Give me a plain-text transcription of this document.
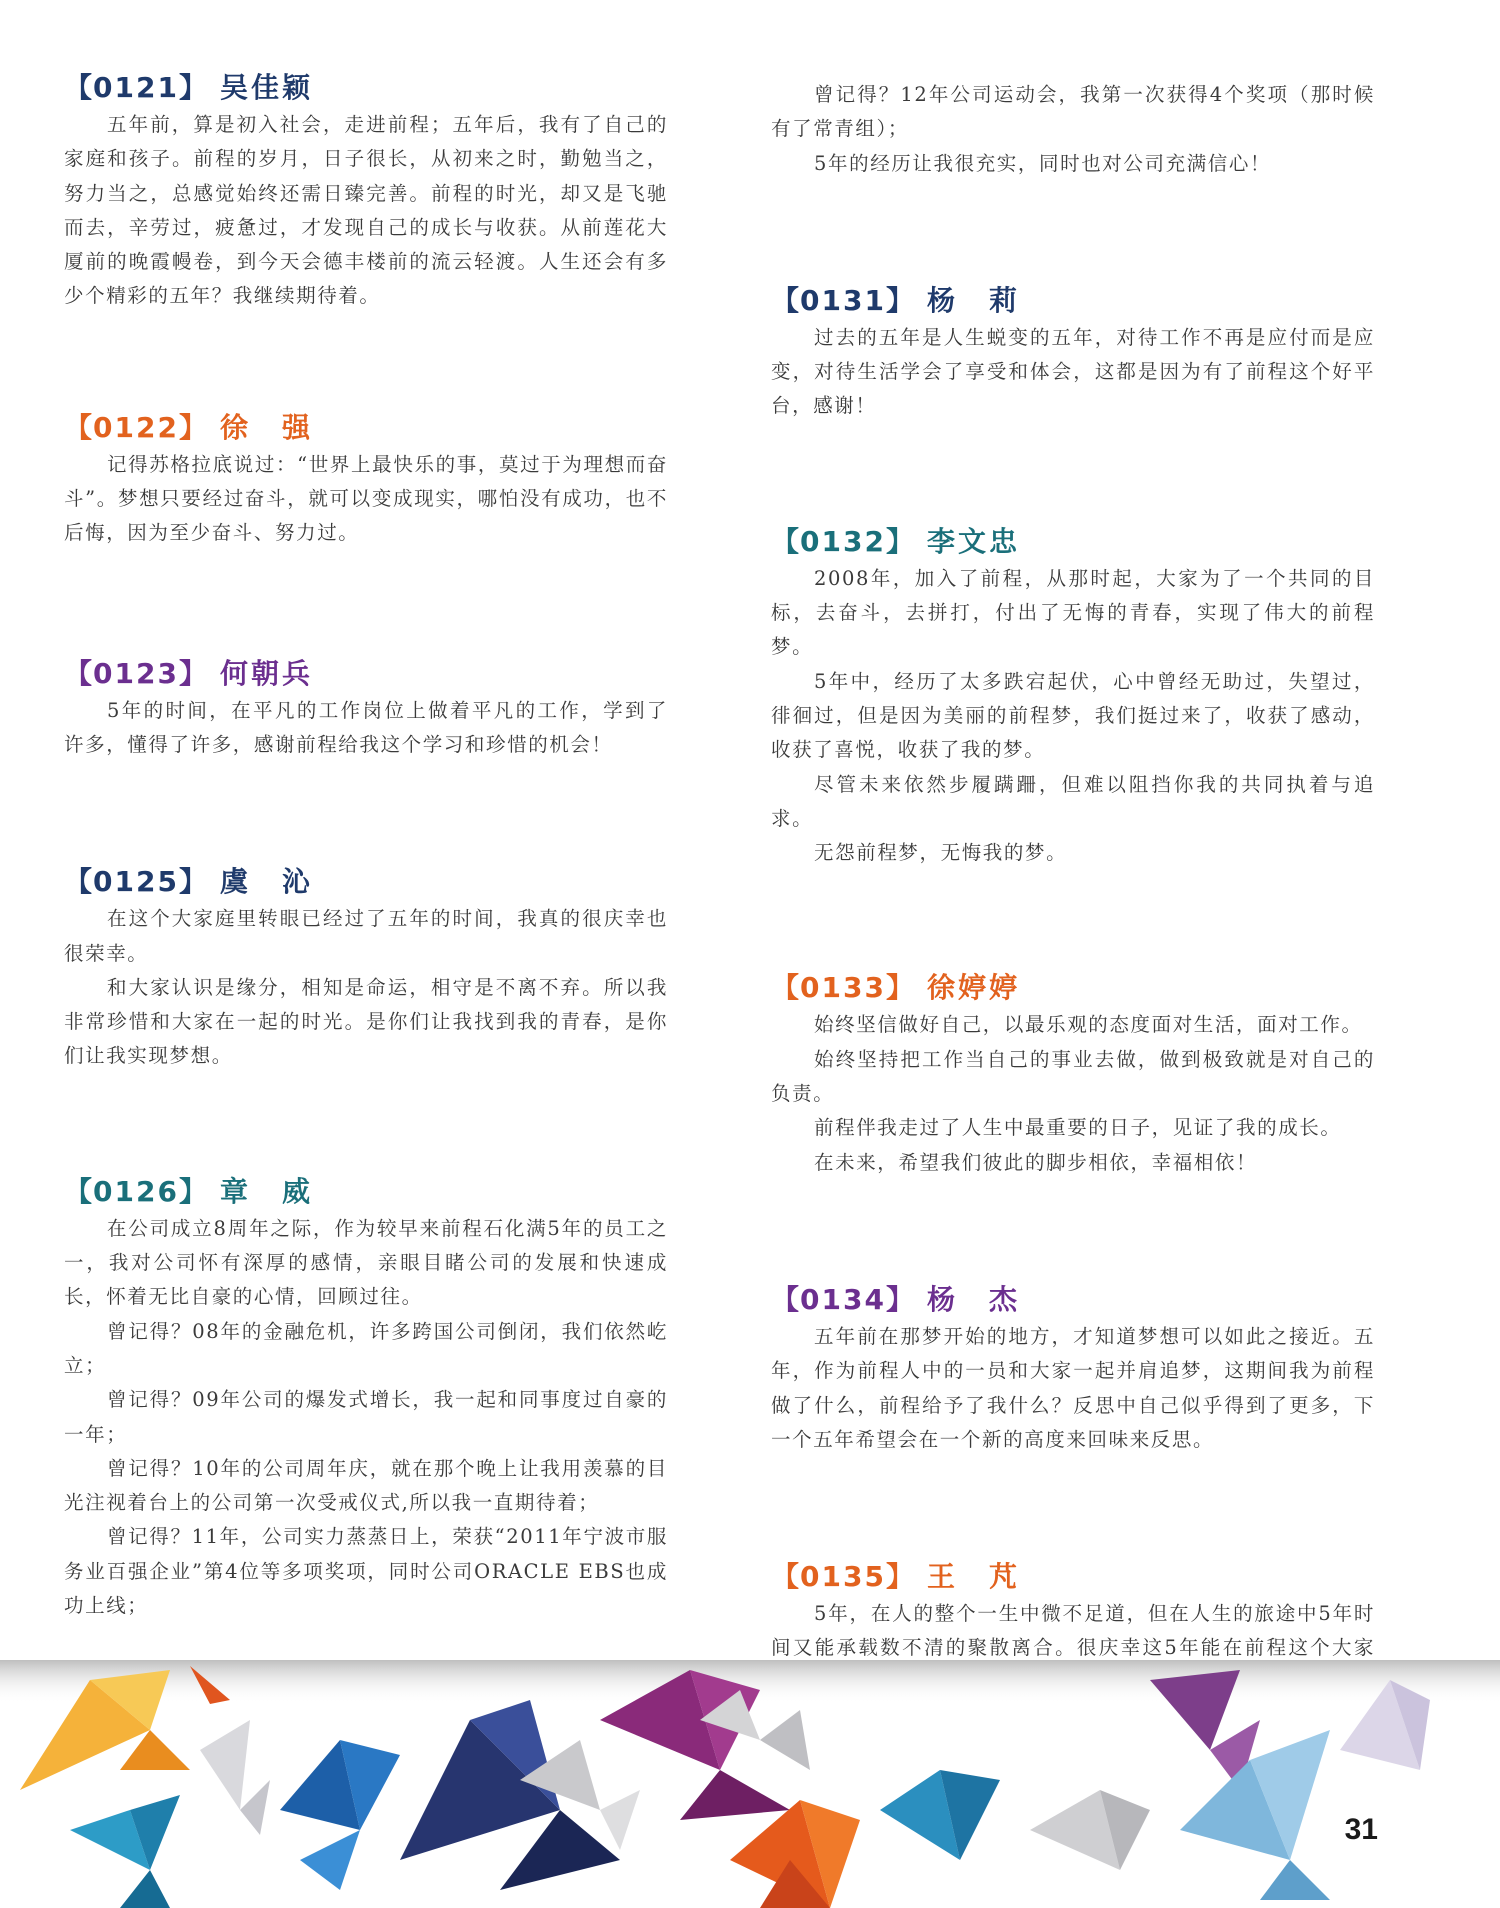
【0121】 吴佳颖

五年前，算是初入社会，走进前程；五年后，我有了自己的家庭和孩子。前程的岁月，日子很长，从初来之时，勤勉当之，努力当之，总感觉始终还需日臻完善。前程的时光，却又是飞驰而去，辛劳过，疲惫过，才发现自己的成长与收获。从前莲花大厦前的晚霞幔卷，到今天会德丰楼前的流云轻渡。人生还会有多少个精彩的五年？我继续期待着。

【0122】 徐　强

记得苏格拉底说过：“世界上最快乐的事，莫过于为理想而奋斗”。梦想只要经过奋斗，就可以变成现实，哪怕没有成功，也不后悔，因为至少奋斗、努力过。

【0123】 何朝兵

5年的时间，在平凡的工作岗位上做着平凡的工作，学到了许多，懂得了许多，感谢前程给我这个学习和珍惜的机会！

【0125】 虞　沁

在这个大家庭里转眼已经过了五年的时间，我真的很庆幸也很荣幸。

和大家认识是缘分，相知是命运，相守是不离不弃。所以我非常珍惜和大家在一起的时光。是你们让我找到我的青春，是你们让我实现梦想。

【0126】 章　威

在公司成立8周年之际，作为较早来前程石化满5年的员工之一，我对公司怀有深厚的感情，亲眼目睹公司的发展和快速成长，怀着无比自豪的心情，回顾过往。

曾记得？08年的金融危机，许多跨国公司倒闭，我们依然屹立；

曾记得？09年公司的爆发式增长，我一起和同事度过自豪的一年；

曾记得？10年的公司周年庆，就在那个晚上让我用羡慕的目光注视着台上的公司第一次受戒仪式,所以我一直期待着；

曾记得？11年，公司实力蒸蒸日上，荣获“2011年宁波市服务业百强企业”第4位等多项奖项，同时公司ORACLE EBS也成功上线；

曾记得？12年公司运动会，我第一次获得4个奖项（那时候有了常青组）；

5年的经历让我很充实，同时也对公司充满信心！

【0131】 杨　莉

过去的五年是人生蜕变的五年，对待工作不再是应付而是应变，对待生活学会了享受和体会，这都是因为有了前程这个好平台，感谢！

【0132】 李文忠

2008年，加入了前程，从那时起，大家为了一个共同的目标，去奋斗，去拼打，付出了无悔的青春，实现了伟大的前程梦。

5年中，经历了太多跌宕起伏，心中曾经无助过，失望过，徘徊过，但是因为美丽的前程梦，我们挺过来了，收获了感动，收获了喜悦，收获了我的梦。

尽管未来依然步履蹒跚，但难以阻挡你我的共同执着与追求。

无怨前程梦，无悔我的梦。

【0133】 徐婷婷

始终坚信做好自己，以最乐观的态度面对生活，面对工作。

始终坚持把工作当自己的事业去做，做到极致就是对自己的负责。

前程伴我走过了人生中最重要的日子，见证了我的成长。

在未来，希望我们彼此的脚步相依，幸福相依！

【0134】 杨　杰

五年前在那梦开始的地方，才知道梦想可以如此之接近。五年，作为前程人中的一员和大家一起并肩追梦，这期间我为前程做了什么，前程给予了我什么？反思中自己似乎得到了更多，下一个五年希望会在一个新的高度来回味来反思。

【0135】 王　芃

5年，在人的整个一生中微不足道，但在人生的旅途中5年时间又能承载数不清的聚散离合。很庆幸这5年能在前程这个大家

31
